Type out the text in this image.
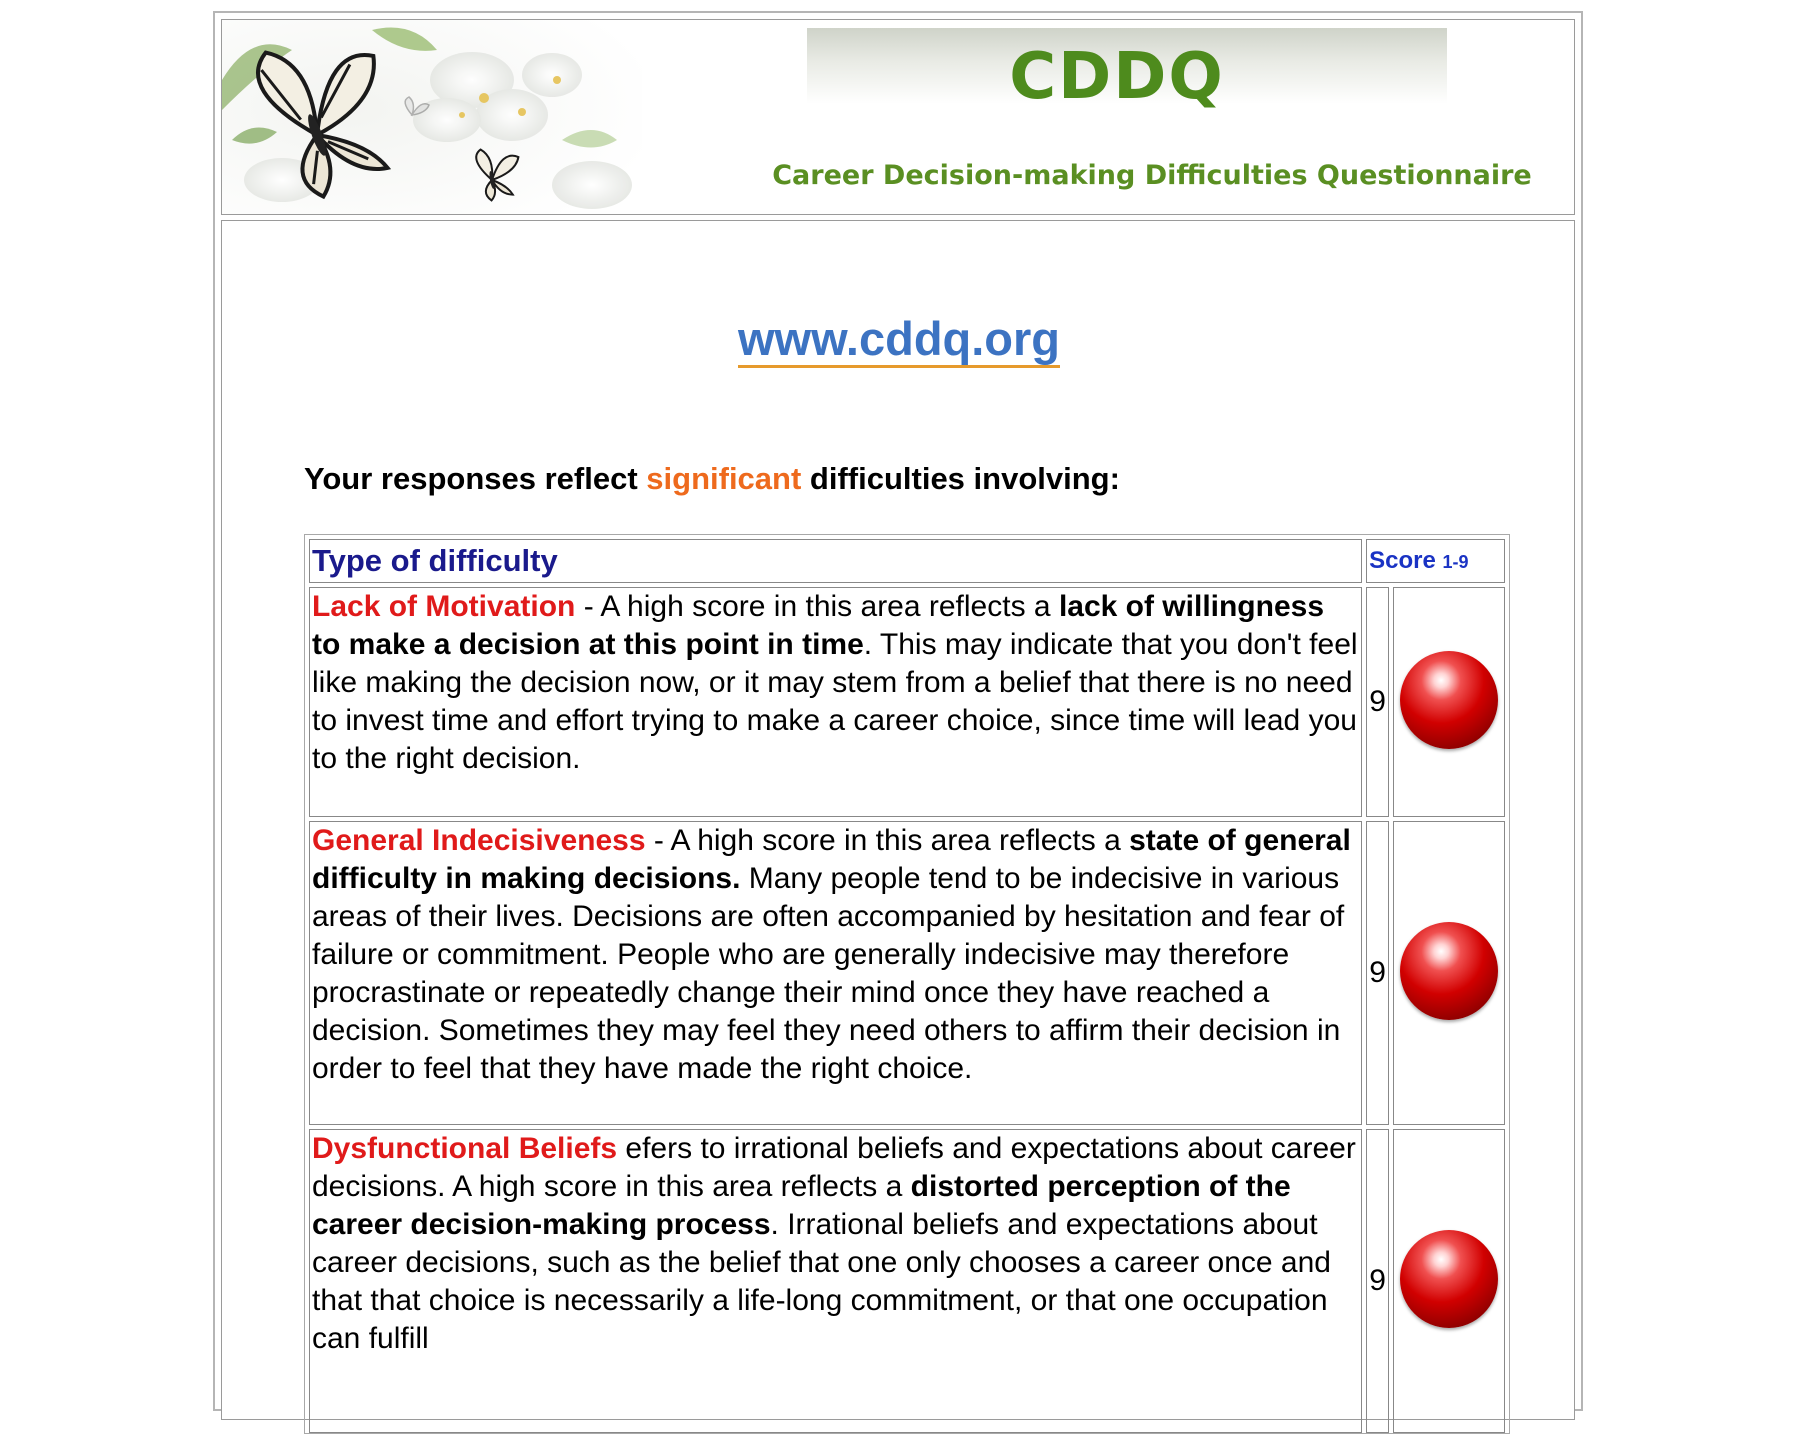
CDDQ
Career Decision-making Difficulties Questionnaire
www.cddq.org
Your responses reflect significant difficulties involving:
Type of difficulty	Score 1-9	
Lack of Motivation - A high score in this area reflects a lack of willingness to make a decision at this point in time. This may indicate that you don't feel like making the decision now, or it may stem from a belief that there is no need to invest time and effort trying to make a career choice, since time will lead you to the right decision.	9	
General Indecisiveness - A high score in this area reflects a state of general difficulty in making decisions. Many people tend to be indecisive in various areas of their lives. Decisions are often accompanied by hesitation and fear of failure or commitment. People who are generally indecisive may therefore procrastinate or repeatedly change their mind once they have reached a decision. Sometimes they may feel they need others to affirm their decision in order to feel that they have made the right choice.	9	
Dysfunctional Beliefs efers to irrational beliefs and expectations about career decisions. A high score in this area reflects a distorted perception of the career decision-making process. Irrational beliefs and expectations about career decisions, such as the belief that one only chooses a career once and that that choice is necessarily a life-long commitment, or that one occupation can fulfill	9	
